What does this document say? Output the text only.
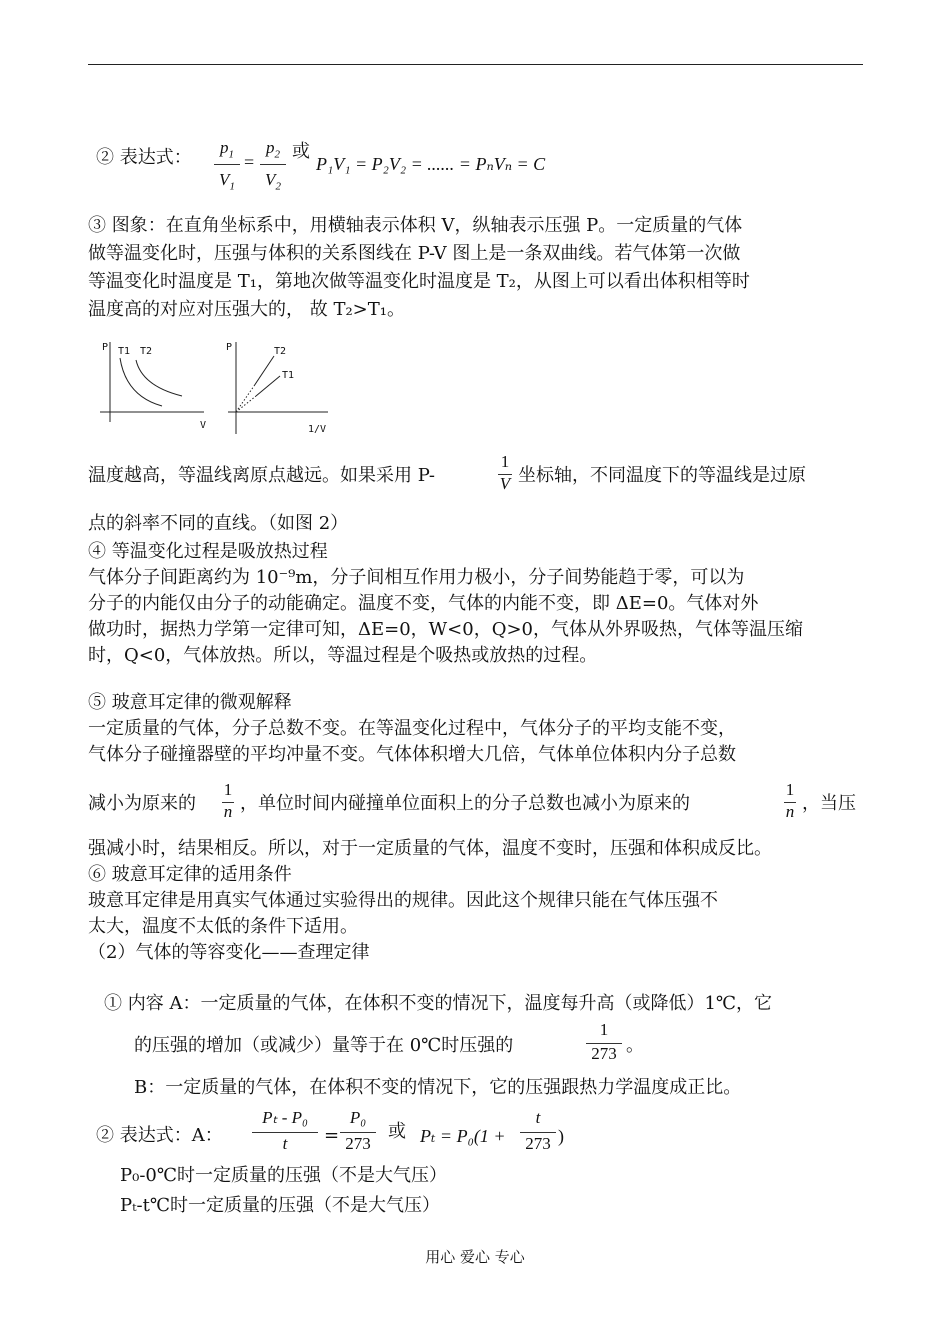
② 表达式：	$p_1$
$V_1$
=
$p_2$
$V_2$
或
P₁V₁ = P₂V₂ = ...... = PₙVₙ = C
③ 图象：在直角坐标系中，用横轴表示体积 V，纵轴表示压强 P。一定质量的气体
做等温变化时，压强与体积的关系图线在 P-V 图上是一条双曲线。若气体第一次做
等温变化时温度是 T₁，第地次做等温变化时温度是 T₂，从图上可以看出体积相等时
温度高的对应对压强大的， 故 T₂>T₁。
P
V
T1 T2	P
1/V
T2
T1
温度越高，等温线离原点越远。如果采用 P-
1
V 坐标轴，不同温度下的等温线是过原
点的斜率不同的直线。（如图 2）
④ 等温变化过程是吸放热过程
气体分子间距离约为 10⁻⁹m，分子间相互作用力极小，分子间势能趋于零，可以为
分子的内能仅由分子的动能确定。温度不变，气体的内能不变，即 ΔE=0。气体对外
做功时，据热力学第一定律可知，ΔE=0，W<0，Q>0，气体从外界吸热，气体等温压缩
时，Q<0，气体放热。所以，等温过程是个吸热或放热的过程。
⑤ 玻意耳定律的微观解释
一定质量的气体，分子总数不变。在等温变化过程中，气体分子的平均支能不变，
气体分子碰撞器壁的平均冲量不变。气体体积增大几倍，气体单位体积内分子总数
减小为原来的
1
n ，单位时间内碰撞单位面积上的分子总数也减小为原来的
1
n ，当压
强减小时，结果相反。所以，对于一定质量的气体，温度不变时，压强和体积成反比。
⑥ 玻意耳定律的适用条件
玻意耳定律是用真实气体通过实验得出的规律。因此这个规律只能在气体压强不
太大，温度不太低的条件下适用。
（2）气体的等容变化——查理定律
① 内容 A：一定质量的气体，在体积不变的情况下，温度每升高（或降低）1℃，它
的压强的增加（或减少）量等于在 0℃时压强的
1
273 。
B：一定质量的气体，在体积不变的情况下，它的压强跟热力学温度成正比。
② 表达式：A：
Pₜ - P₀
t	=
P₀
273
或 Pₜ = P₀(1 +
t
273 )
P₀-0℃时一定质量的压强（不是大气压）
Pₜ-t℃时一定质量的压强（不是大气压）
用心 爱心 专心
